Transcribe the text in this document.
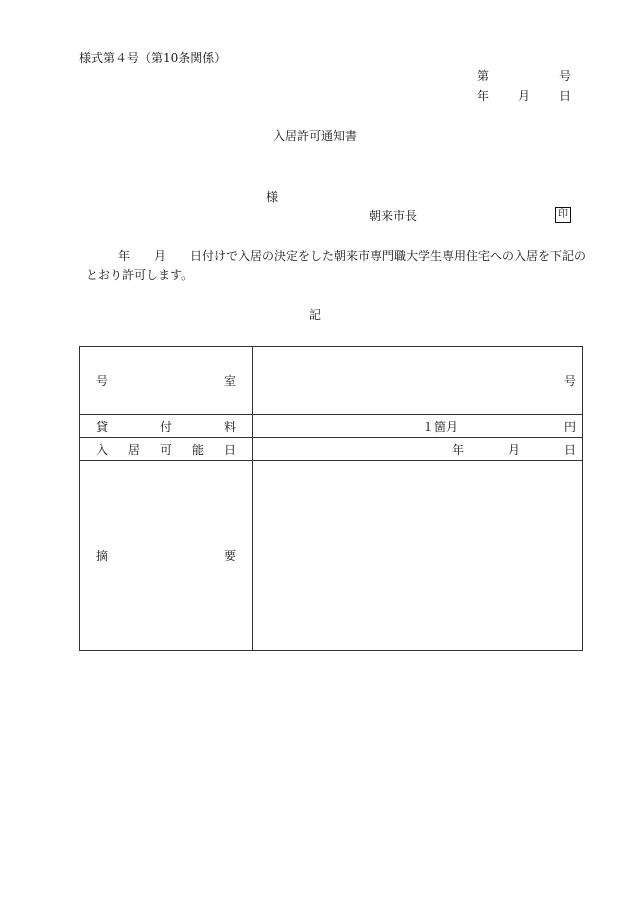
様式第４号（第10条関係）
第	号
年 月 日
入居許可通知書
様
朝来市長	印
年　　月　　日付けで入居の決定をした朝来市専門職大学生専用住宅への入居を下記のとおり許可します。
記
号 室	号

貸 付 料	１箇月 円

入 居 可 能 日	年 月 日

摘 要	
